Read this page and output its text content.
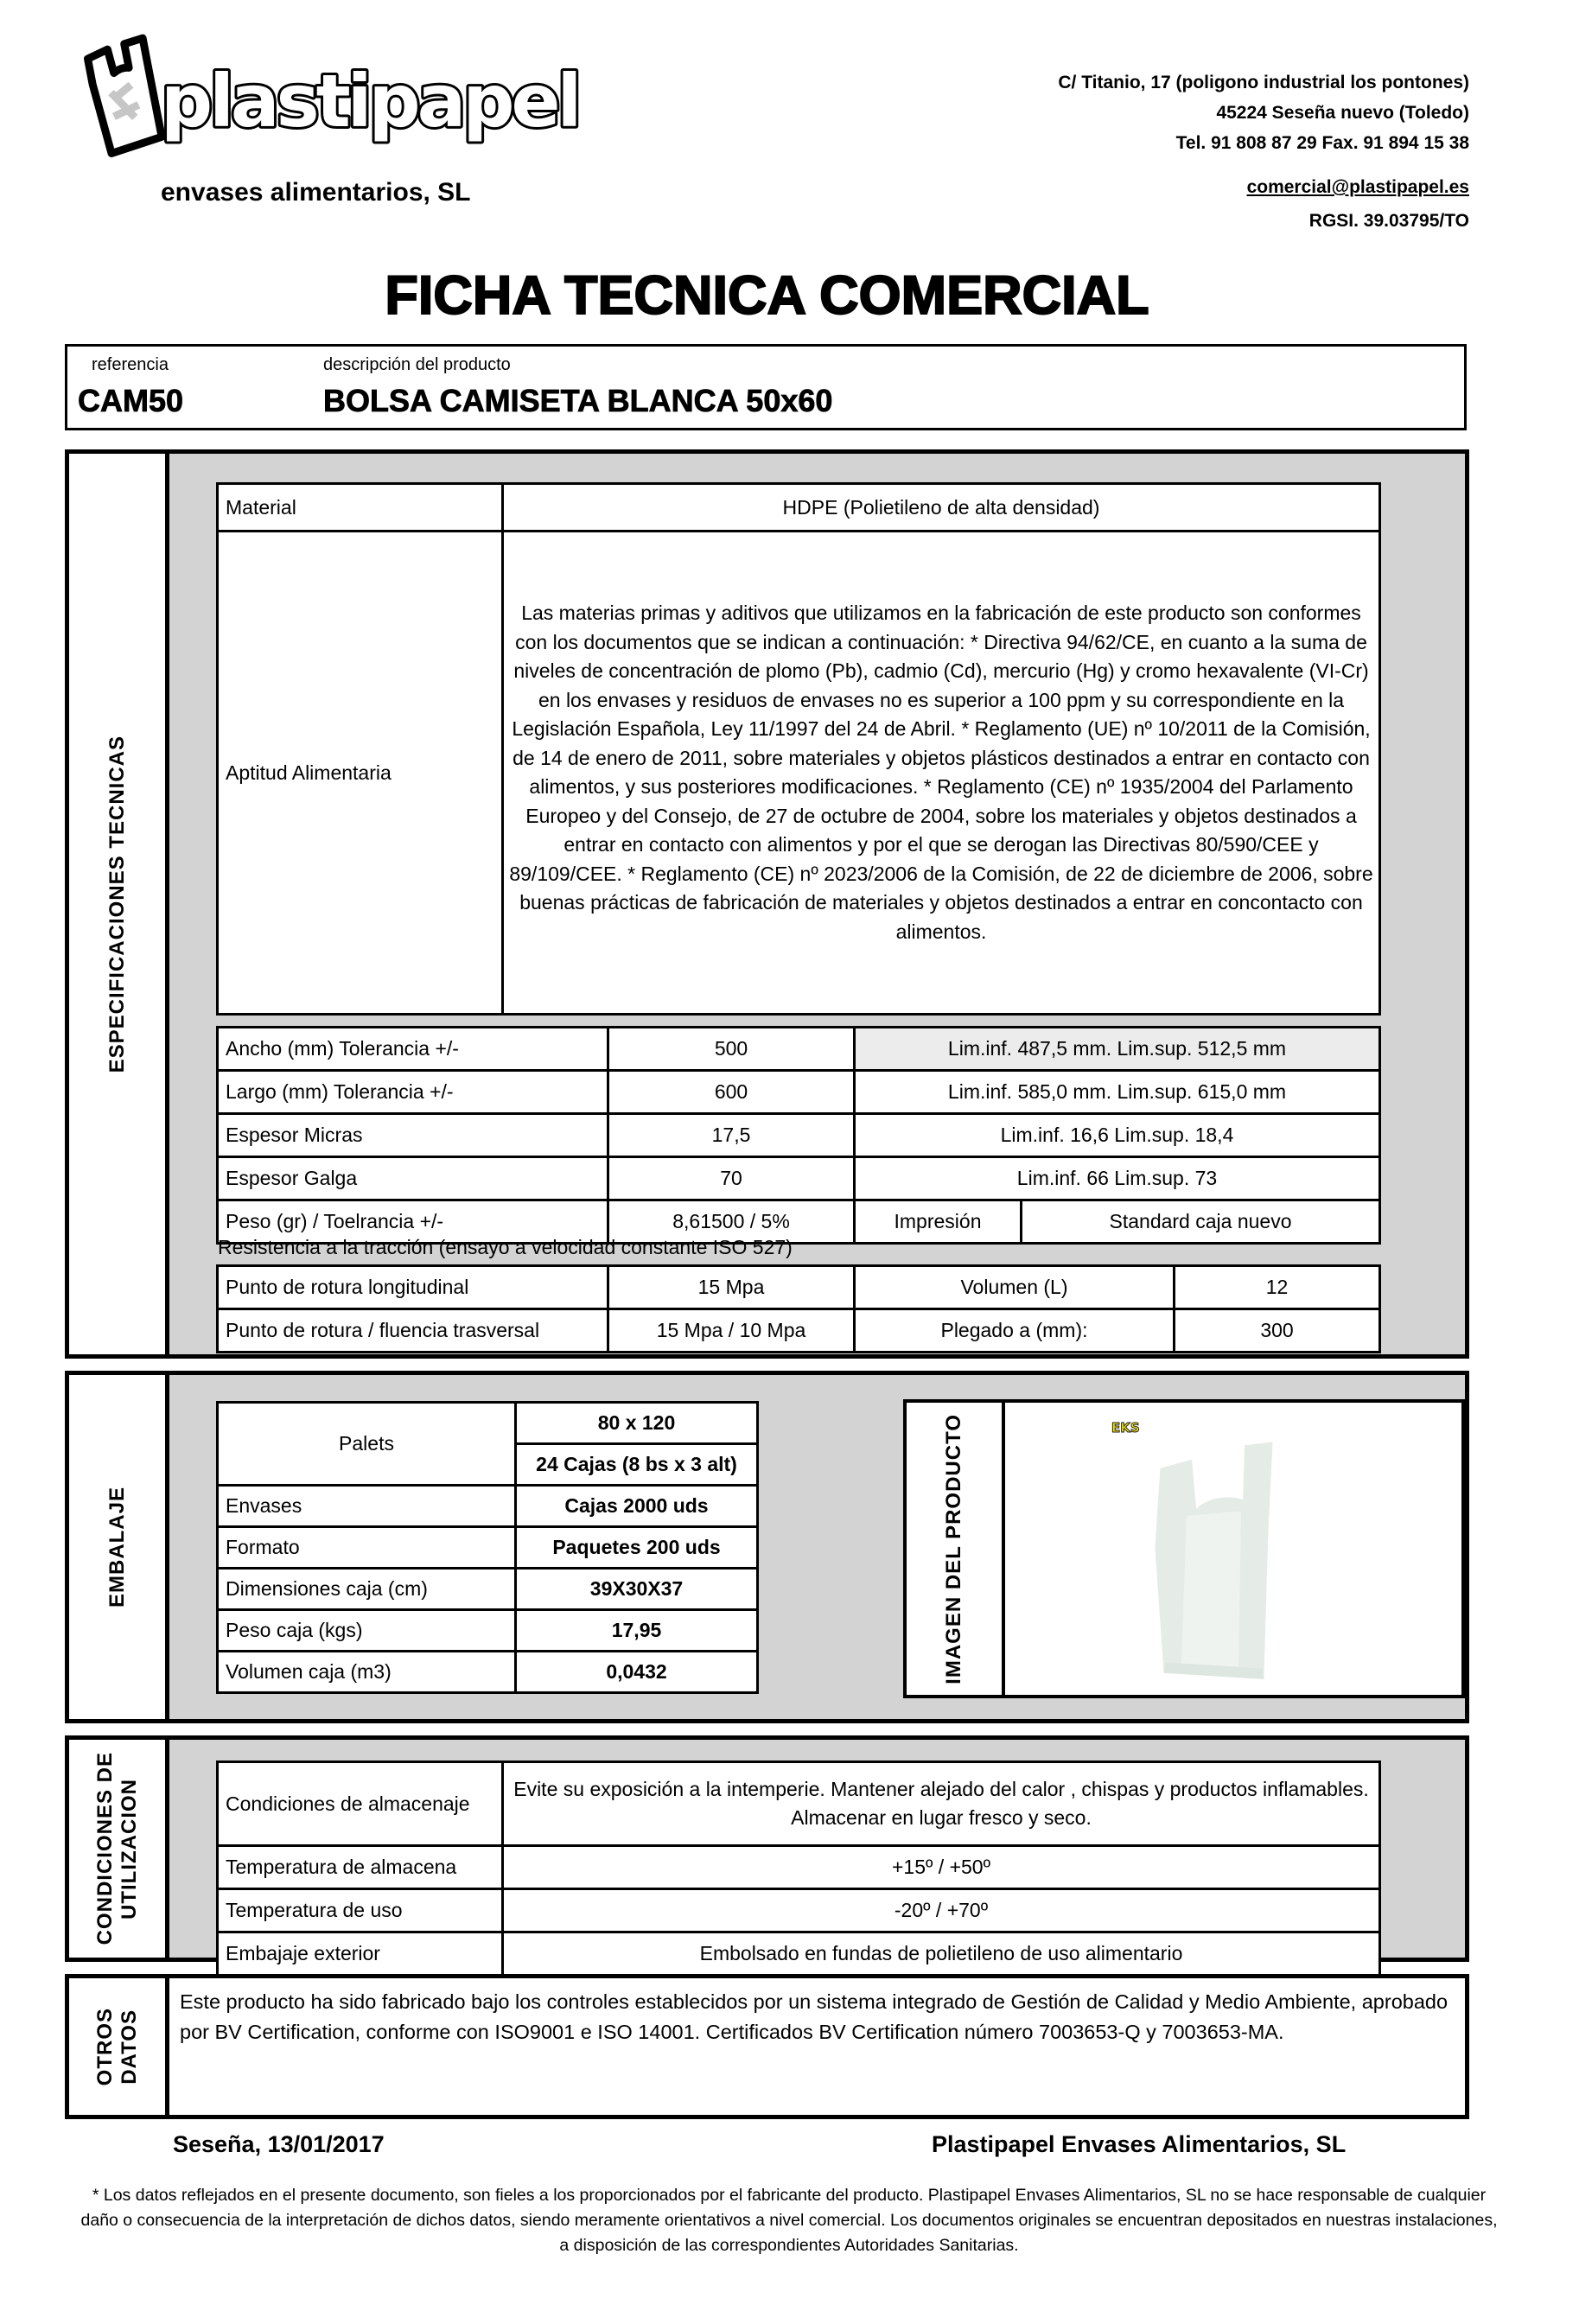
plastipapel
envases alimentarios, SL
C/ Titanio, 17 (poligono industrial los pontones)
45224 Seseña nuevo (Toledo)
Tel. 91 808 87 29 Fax. 91 894 15 38
comercial@plastipapel.es
RGSI. 39.03795/TO
FICHA TECNICA COMERCIAL
referencia	descripción del producto
CAM50	BOLSA CAMISETA BLANCA 50x60
ESPECIFICACIONES TECNICAS
Material	HDPE (Polietileno de alta densidad)
Aptitud Alimentaria	Las materias primas y aditivos que utilizamos en la fabricación de este producto son conformes con los documentos que se indican a continuación: * Directiva 94/62/CE, en cuanto a la suma de niveles de concentración de plomo (Pb), cadmio (Cd), mercurio (Hg) y cromo hexavalente (VI-Cr) en los envases y residuos de envases no es superior a 100 ppm y su correspondiente en la Legislación Española, Ley 11/1997 del 24 de Abril. * Reglamento (UE) nº 10/2011 de la Comisión, de 14 de enero de 2011, sobre materiales y objetos plásticos destinados a entrar en contacto con alimentos, y sus posteriores modificaciones. * Reglamento (CE) nº 1935/2004 del Parlamento Europeo y del Consejo, de 27 de octubre de 2004, sobre los materiales y objetos destinados a entrar en contacto con alimentos y por el que se derogan las Directivas 80/590/CEE y 89/109/CEE. * Reglamento (CE) nº 2023/2006 de la Comisión, de 22 de diciembre de 2006, sobre buenas prácticas de fabricación de materiales y objetos destinados a entrar en concontacto con alimentos.
Ancho (mm) Tolerancia +/-	500	Lim.inf. 487,5 mm. Lim.sup. 512,5 mm	
Largo (mm) Tolerancia +/-	600	Lim.inf. 585,0 mm. Lim.sup. 615,0 mm	
Espesor Micras	17,5	Lim.inf. 16,6 Lim.sup. 18,4	
Espesor Galga	70	Lim.inf. 66 Lim.sup. 73	
Peso (gr) / Toelrancia +/-	8,61500 / 5%	Impresión	Standard caja nuevo
Resistencia a la tracción (ensayo a velocidad constante ISO 527)
Punto de rotura longitudinal	15 Mpa	Volumen (L)	12
Punto de rotura / fluencia trasversal	15 Mpa / 10 Mpa	Plegado a (mm):	300
EMBALAJE
Palets	80 x 120
	24 Cajas (8 bs x 3 alt)
Envases	Cajas 2000 uds
Formato	Paquetes 200 uds
Dimensiones caja (cm)	39X30X37
Peso caja (kgs)	17,95
Volumen caja (m3)	0,0432	IMAGEN DEL PRODUCTO	EKS
CONDICIONES DE UTILIZACION	Condiciones de almacenaje	Evite su exposición a la intemperie. Mantener alejado del calor , chispas y productos inflamables. Almacenar en lugar fresco y seco.
Temperatura de almacena	+15º / +50º
Temperatura de uso	-20º / +70º
Embajaje exterior	Embolsado en fundas de polietileno de uso alimentario
OTROS DATOS
Este producto ha sido fabricado bajo los controles establecidos por un sistema integrado de Gestión de Calidad y Medio Ambiente, aprobado por BV Certification, conforme con ISO9001 e ISO 14001. Certificados BV Certification número 7003653-Q y 7003653-MA.
Seseña, 13/01/2017	Plastipapel Envases Alimentarios, SL
* Los datos reflejados en el presente documento, son fieles a los proporcionados por el fabricante del producto. Plastipapel Envases Alimentarios, SL no se hace responsable de cualquier daño o consecuencia de la interpretación de dichos datos, siendo meramente orientativos a nivel comercial. Los documentos originales se encuentran depositados en nuestras instalaciones, a disposición de las correspondientes Autoridades Sanitarias.
